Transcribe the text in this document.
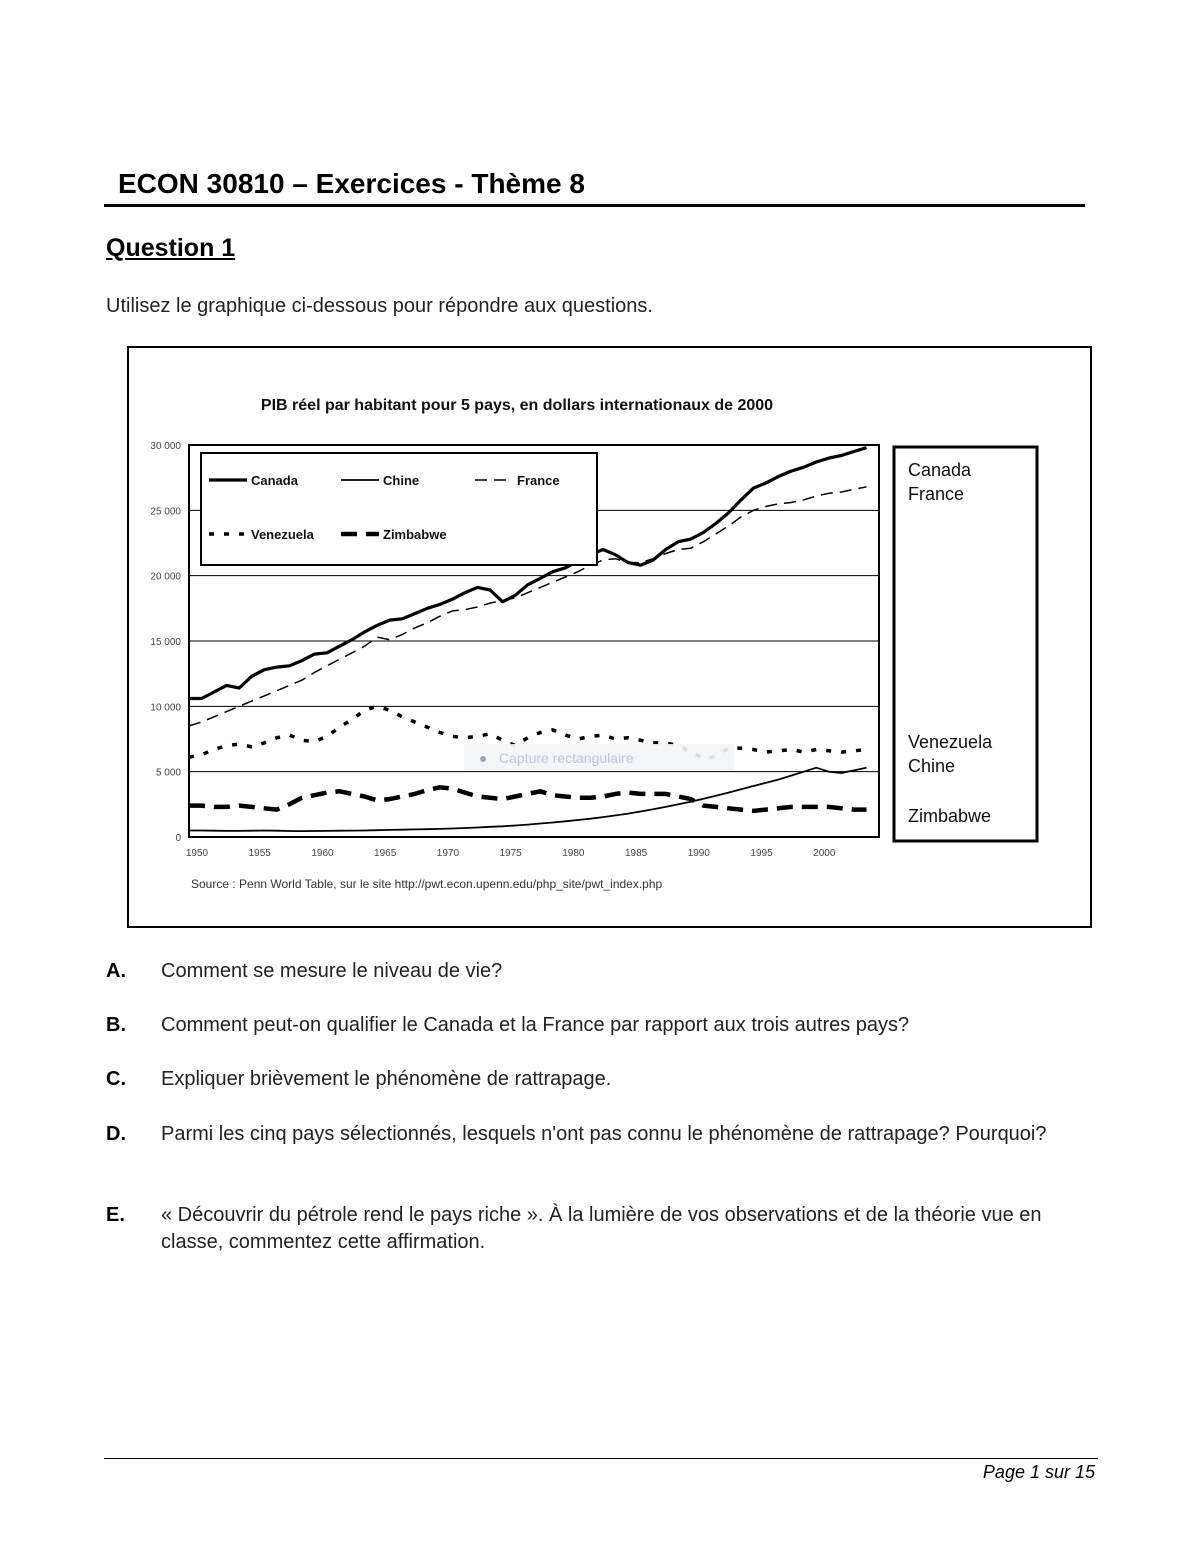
ECON 30810 – Exercices - Thème 8
Question 1
Utilisez le graphique ci-dessous pour répondre aux questions.
PIB réel par habitant pour 5 pays, en dollars internationaux de 2000
0
5 000
10 000
15 000
20 000
25 000
30 000
1950	1955	1960	1965	1970	1975	1980	1985	1990	1995	2000
Canada	Chine	France
Venezuela	Zimbabwe
Source : Penn World Table, sur le site http://pwt.econ.upenn.edu/php_site/pwt_index.php
● Capture rectangulaire
Canada
France
Venezuela
Chine
Zimbabwe
A. Comment se mesure le niveau de vie?
B. Comment peut-on qualifier le Canada et la France par rapport aux trois autres pays?
C. Expliquer brièvement le phénomène de rattrapage.
D. Parmi les cinq pays sélectionnés, lesquels n'ont pas connu le phénomène de rattrapage? Pourquoi?
E. « Découvrir du pétrole rend le pays riche ». À la lumière de vos observations et de la théorie vue en classe, commentez cette affirmation.
Page 1 sur 15
